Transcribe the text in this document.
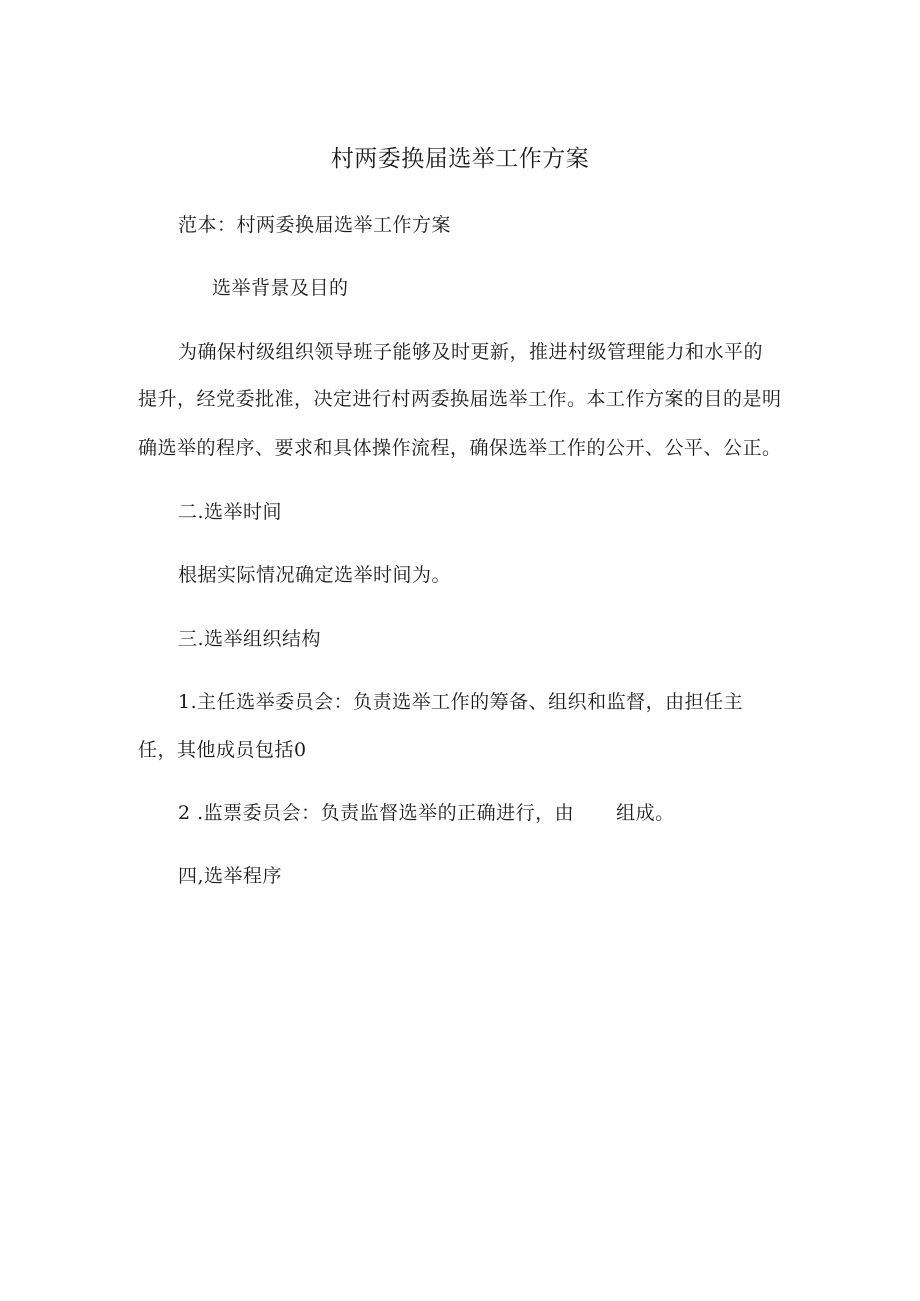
村两委换届选举工作方案
范本：村两委换届选举工作方案
选举背景及目的
为确保村级组织领导班子能够及时更新，推进村级管理能力和水平的
提升，经党委批准，决定进行村两委换届选举工作。本工作方案的目的是明
确选举的程序、要求和具体操作流程，确保选举工作的公开、公平、公正。
二.选举时间
根据实际情况确定选举时间为。
三.选举组织结构
1.主任选举委员会：负责选举工作的筹备、组织和监督，由担任主
任，其他成员包括0
2 .监票委员会：负责监督选举的正确进行，由 组成。
四,选举程序
